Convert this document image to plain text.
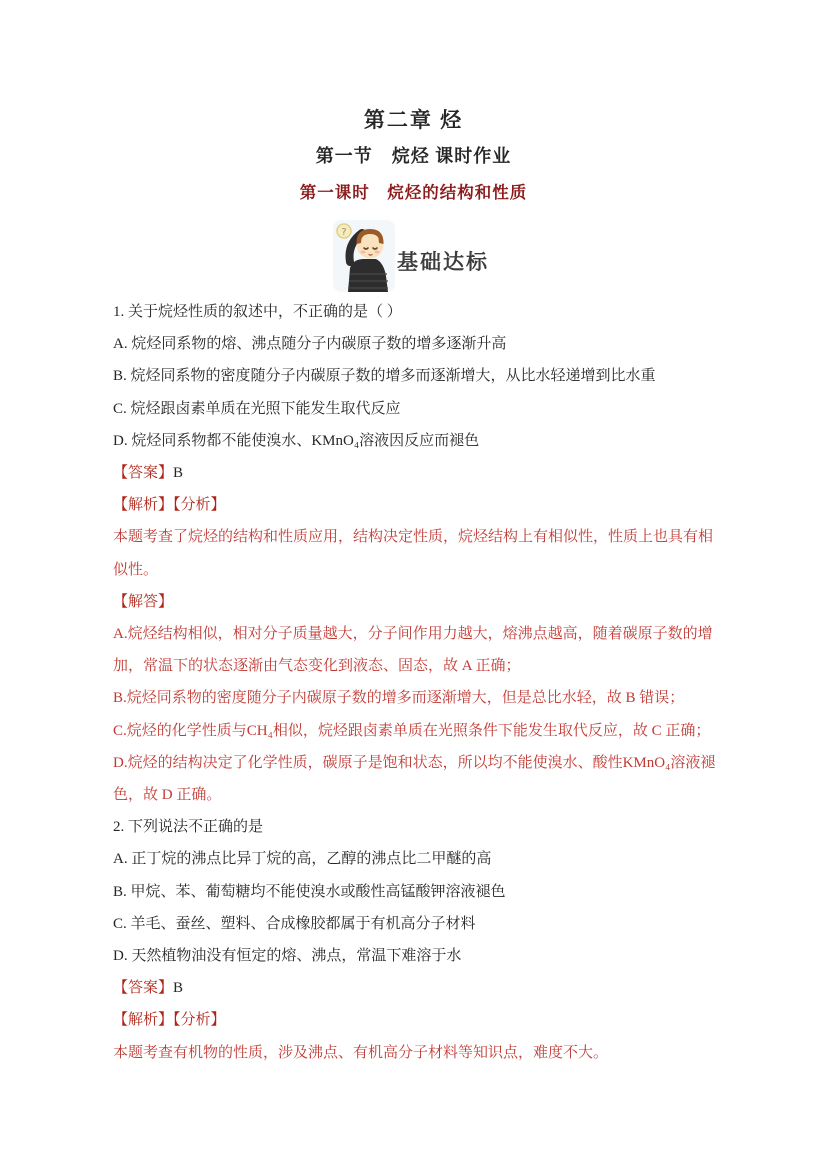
第二章 烃
第一节　烷烃 课时作业
第一课时　烷烃的结构和性质
?
基础达标

1. 关于烷烃性质的叙述中，不正确的是（ ）

A. 烷烃同系物的熔、沸点随分子内碳原子数的增多逐渐升高

B. 烷烃同系物的密度随分子内碳原子数的增多而逐渐增大，从比水轻递增到比水重

C. 烷烃跟卤素单质在光照下能发生取代反应

D. 烷烃同系物都不能使溴水、KMnO₄溶液因反应而褪色

【答案】B

【解析】【分析】

本题考查了烷烃的结构和性质应用，结构决定性质，烷烃结构上有相似性，性质上也具有相似性。

【解答】

A.烷烃结构相似，相对分子质量越大，分子间作用力越大，熔沸点越高，随着碳原子数的增加，常温下的状态逐渐由气态变化到液态、固态，故 A 正确；

B.烷烃同系物的密度随分子内碳原子数的增多而逐渐增大，但是总比水轻，故 B 错误；

C.烷烃的化学性质与CH₄相似，烷烃跟卤素单质在光照条件下能发生取代反应，故 C 正确；

D.烷烃的结构决定了化学性质，碳原子是饱和状态，所以均不能使溴水、酸性KMnO₄溶液褪色，故 D 正确。

2. 下列说法不正确的是

A. 正丁烷的沸点比异丁烷的高，乙醇的沸点比二甲醚的高

B. 甲烷、苯、葡萄糖均不能使溴水或酸性高锰酸钾溶液褪色

C. 羊毛、蚕丝、塑料、合成橡胶都属于有机高分子材料

D. 天然植物油没有恒定的熔、沸点，常温下难溶于水

【答案】B

【解析】【分析】

本题考查有机物的性质，涉及沸点、有机高分子材料等知识点，难度不大。
